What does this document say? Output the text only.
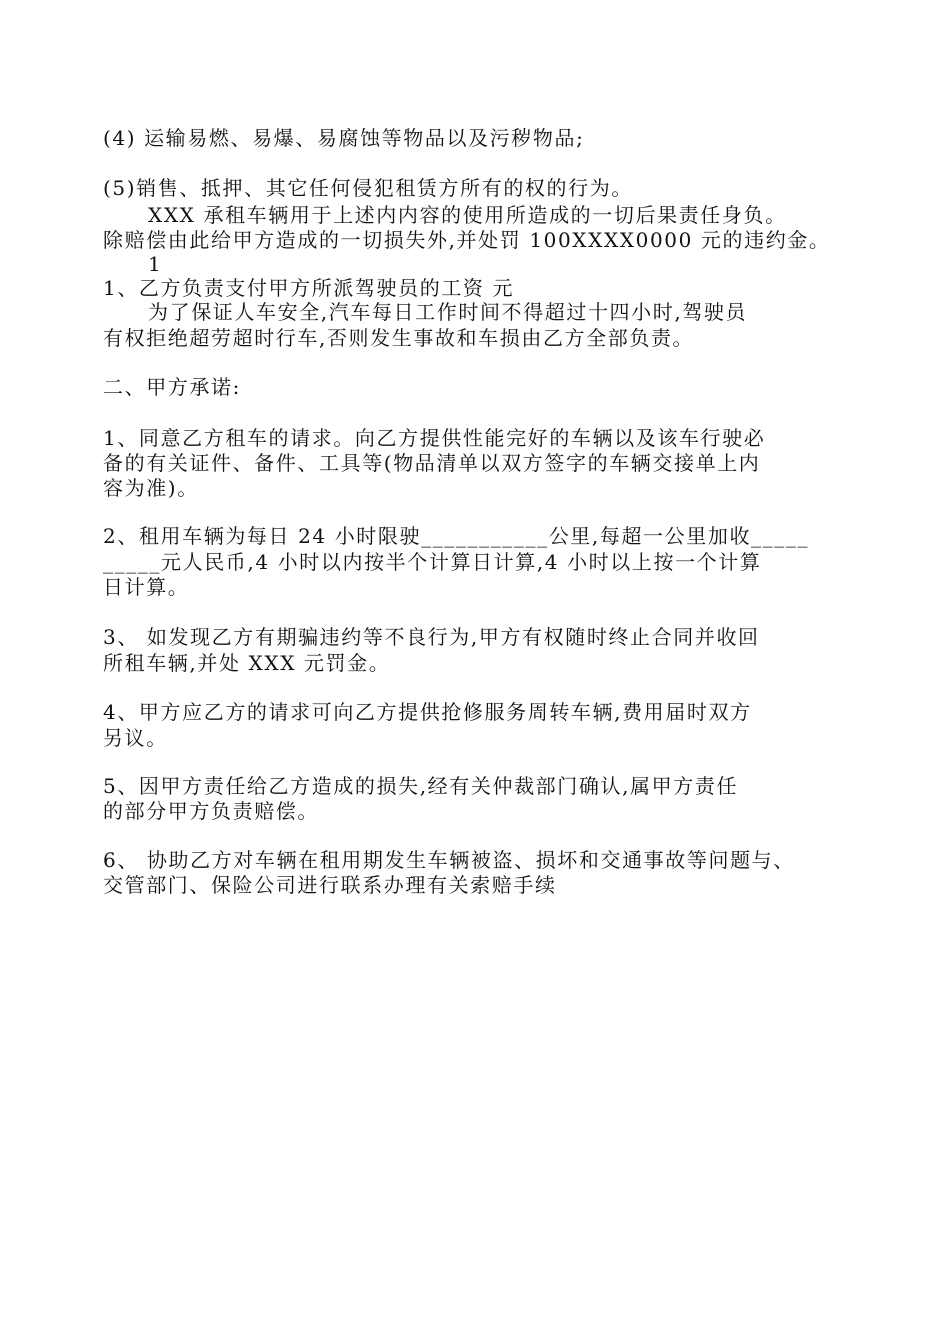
(4) 运输易燃、易爆、易腐蚀等物品以及污秽物品;
(5)销售、抵押、其它任何侵犯租赁方所有的权的行为。
XXX 承租车辆用于上述内内容的使用所造成的一切后果责任身负。
除赔偿由此给甲方造成的一切损失外,并处罚 100XXXX0000 元的违约金。
1
1、乙方负责支付甲方所派驾驶员的工资 元
为了保证人车安全,汽车每日工作时间不得超过十四小时,驾驶员
有权拒绝超劳超时行车,否则发生事故和车损由乙方全部负责。
二、甲方承诺:
1、同意乙方租车的请求。向乙方提供性能完好的车辆以及该车行驶必
备的有关证件、备件、工具等(物品清单以双方签字的车辆交接单上内
容为准)。
2、租用车辆为每日 24 小时限驶___________公里,每超一公里加收_____
_____元人民币,4 小时以内按半个计算日计算,4 小时以上按一个计算
日计算。
3、 如发现乙方有期骗违约等不良行为,甲方有权随时终止合同并收回
所租车辆,并处 XXX 元罚金。
4、甲方应乙方的请求可向乙方提供抢修服务周转车辆,费用届时双方
另议。
5、因甲方责任给乙方造成的损失,经有关仲裁部门确认,属甲方责任
的部分甲方负责赔偿。
6、 协助乙方对车辆在租用期发生车辆被盗、损坏和交通事故等问题与、
交管部门、保险公司进行联系办理有关索赔手续
